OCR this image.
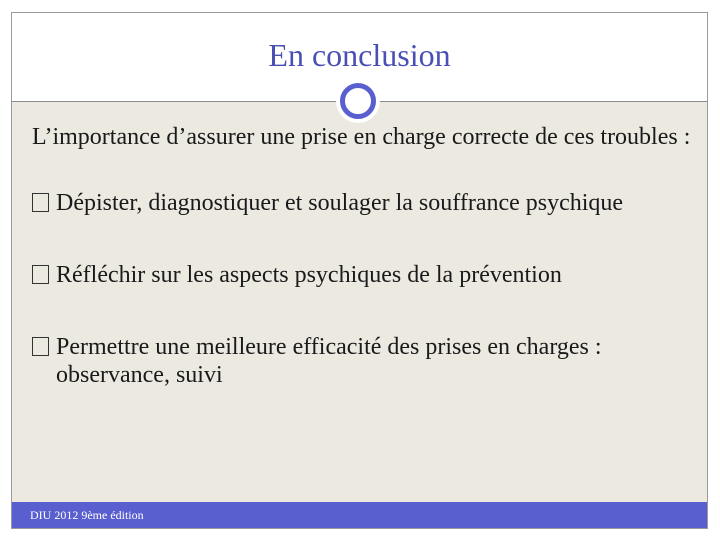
En conclusion

L’importance d’assurer une prise en charge correcte de ces troubles :

Dépister, diagnostiquer et soulager la souffrance psychique
Réfléchir sur les aspects psychiques de la prévention
Permettre une meilleure efficacité des prises en charges : observance, suivi
DIU 2012 9ème édition
